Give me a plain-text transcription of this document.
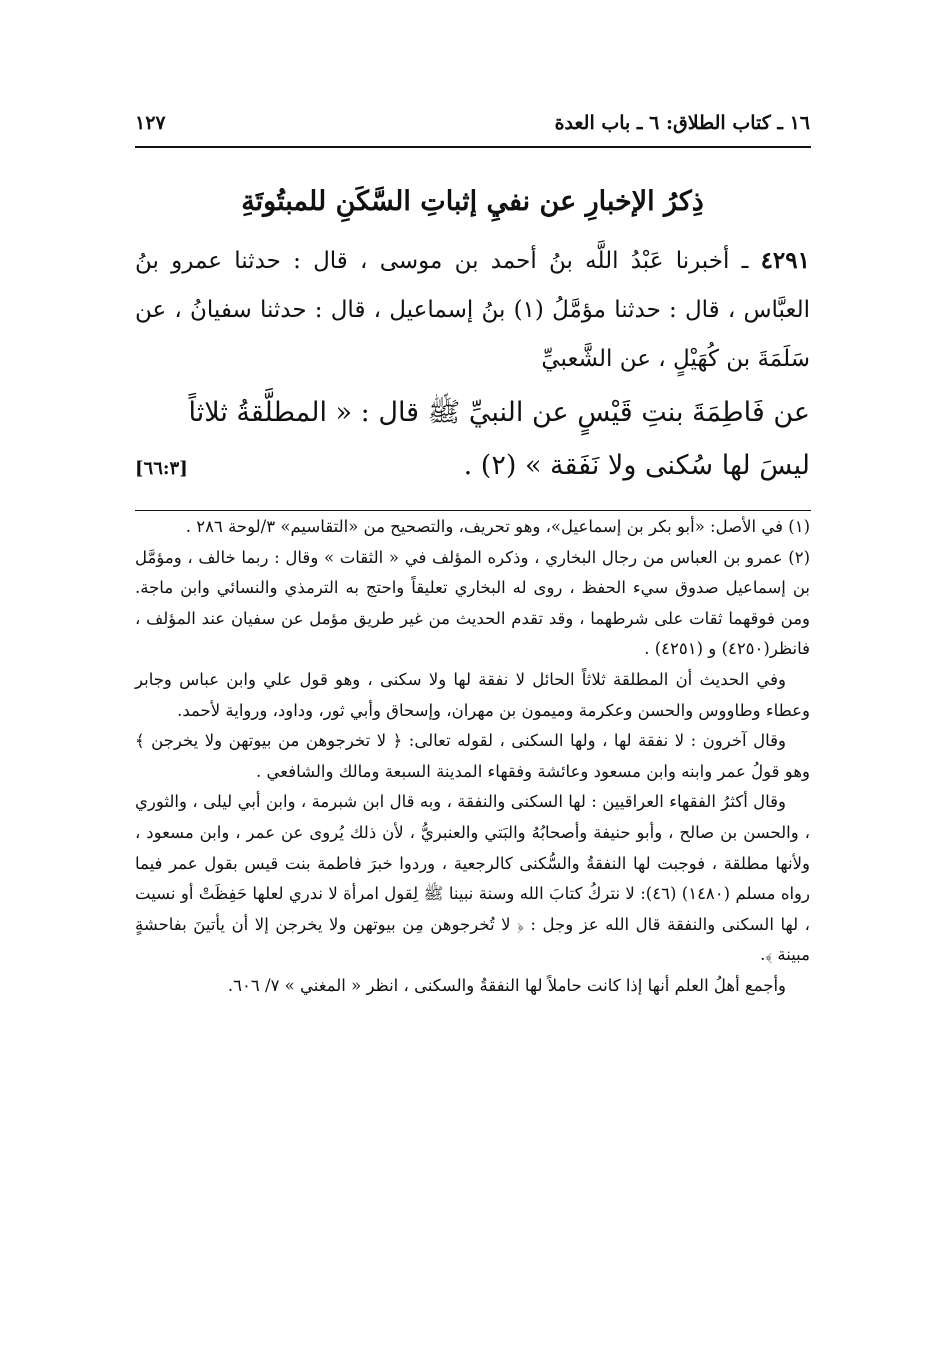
١٦ ـ كتاب الطلاق: ٦ ـ باب العدة
١٢٧
ذِكرُ الإخبارِ عن نفيِ إثباتِ السَّكَنِ للمبتُوتَةِ

٤٢٩١ ـ أخبرنا عَبْدُ اللَّه بنُ أحمد بن موسى ، قال : حدثنا عمرو بنُ العبَّاس ، قال : حدثنا مؤمَّلُ (١) بنُ إسماعيل ، قال : حدثنا سفيانُ ، عن سَلَمَةَ بن كُهَيْلٍ ، عن الشَّعبيِّ

عن فَاطِمَةَ بنتِ قَيْسٍ عن النبيِّ ﷺ قال : « المطلَّقةُ ثلاثاً ليسَ لها سُكنى ولا نَفَقة » (٢) .

[٦٦:٣]

(١) في الأصل: «أبو بكر بن إسماعيل»، وهو تحريف، والتصحيح من «التقاسيم» ٣/لوحة ٢٨٦ .

(٢) عمرو بن العباس من رجال البخاري ، وذكره المؤلف في « الثقات » وقال : ربما خالف ، ومؤمَّل بن إسماعيل صدوق سيء الحفظ ، روى له البخاري تعليقاً واحتج به الترمذي والنسائي وابن ماجة. ومن فوقهما ثقات على شرطهما ، وقد تقدم الحديث من غير طريق مؤمل عن سفيان عند المؤلف ، فانظر(٤٢٥٠) و (٤٢٥١) .

وفي الحديث أن المطلقة ثلاثاً الحائل لا نفقة لها ولا سكنى ، وهو قول علي وابن عباس وجابر وعطاء وطاووس والحسن وعكرمة وميمون بن مهران، وإسحاق وأبي ثور، وداود، ورواية لأحمد.

وقال آخرون : لا نفقة لها ، ولها السكنى ، لقوله تعالى: ﴿ لا تخرجوهن من بيوتهن ولا يخرجن ﴾ وهو قولُ عمر وابنه وابن مسعود وعائشة وفقهاء المدينة السبعة ومالك والشافعي .

وقال أكثرُ الفقهاء العراقيين : لها السكنى والنفقة ، وبه قال ابن شبرمة ، وابن أبي ليلى ، والثوري ، والحسن بن صالح ، وأبو حنيفة وأصحابُهُ والبَتي والعنبريُّ ، لأن ذلك يُروى عن عمر ، وابن مسعود ، ولأنها مطلقة ، فوجبت لها النفقةُ والسُّكنى كالرجعية ، وردوا خبرَ فاطمة بنت قيس بقول عمر فيما رواه مسلم (١٤٨٠) (٤٦): لا نتركُ كتابَ الله وسنة نبينا ﷺ لِقول امرأة لا ندري لعلها حَفِظَتْ أو نسيت ، لها السكنى والنفقة قال الله عز وجل : ﴿ لا تُخرجوهن مِن بيوتهن ولا يخرجن إلا أن يأتينَ بفاحشةٍ مبينة ﴾.

وأجمع أهلُ العلم أنها إذا كانت حاملاً لها النفقةُ والسكنى ، انظر « المغني » ٧/ ٦٠٦.
